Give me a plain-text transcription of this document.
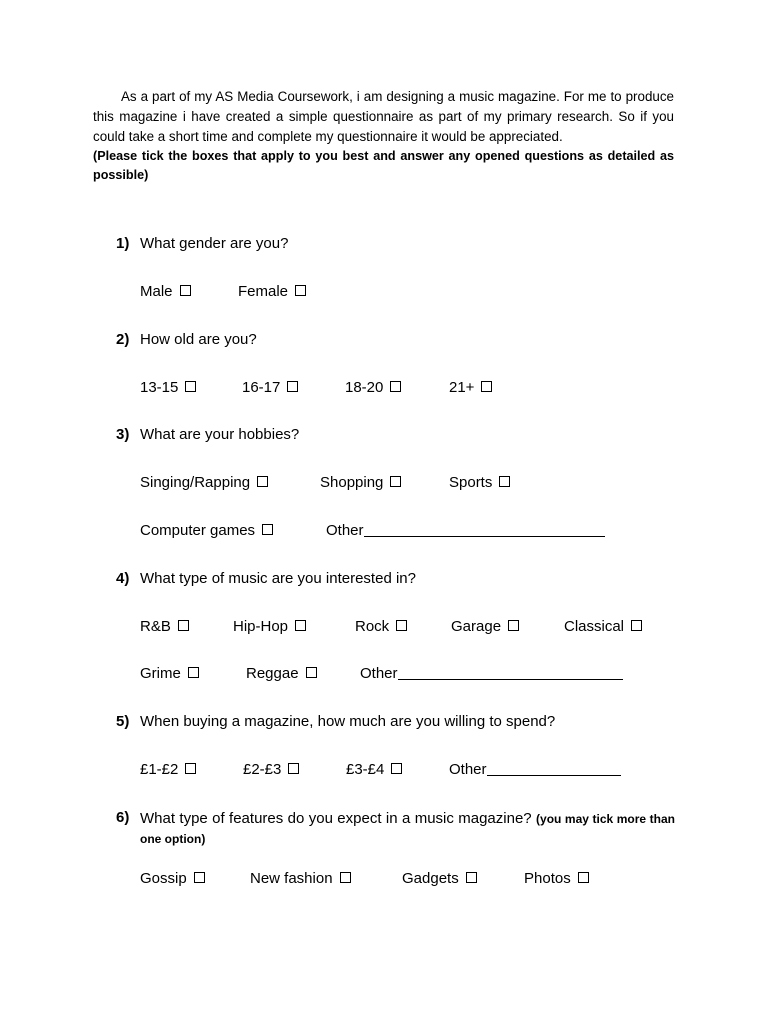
As a part of my AS Media Coursework, i am designing a music magazine. For me to produce this magazine i have created a simple questionnaire as part of my primary research. So if you could take a short time and complete my questionnaire it would be appreciated.

(Please tick the boxes that apply to you best and answer any opened questions as detailed as possible)

1) What gender are you?
Male	Female
2) How old are you?
13-15	16-17	18-20	21+
3) What are your hobbies?
Singing/Rapping	Shopping	Sports
Computer games	Other
4) What type of music are you interested in?
R&B	Hip-Hop	Rock	Garage	Classical
Grime	Reggae	Other
5) When buying a magazine, how much are you willing to spend?
£1-£2	£2-£3	£3-£4	Other
6) What type of features do you expect in a music magazine? (you may tick more than one option)
Gossip	New fashion	Gadgets	Photos
